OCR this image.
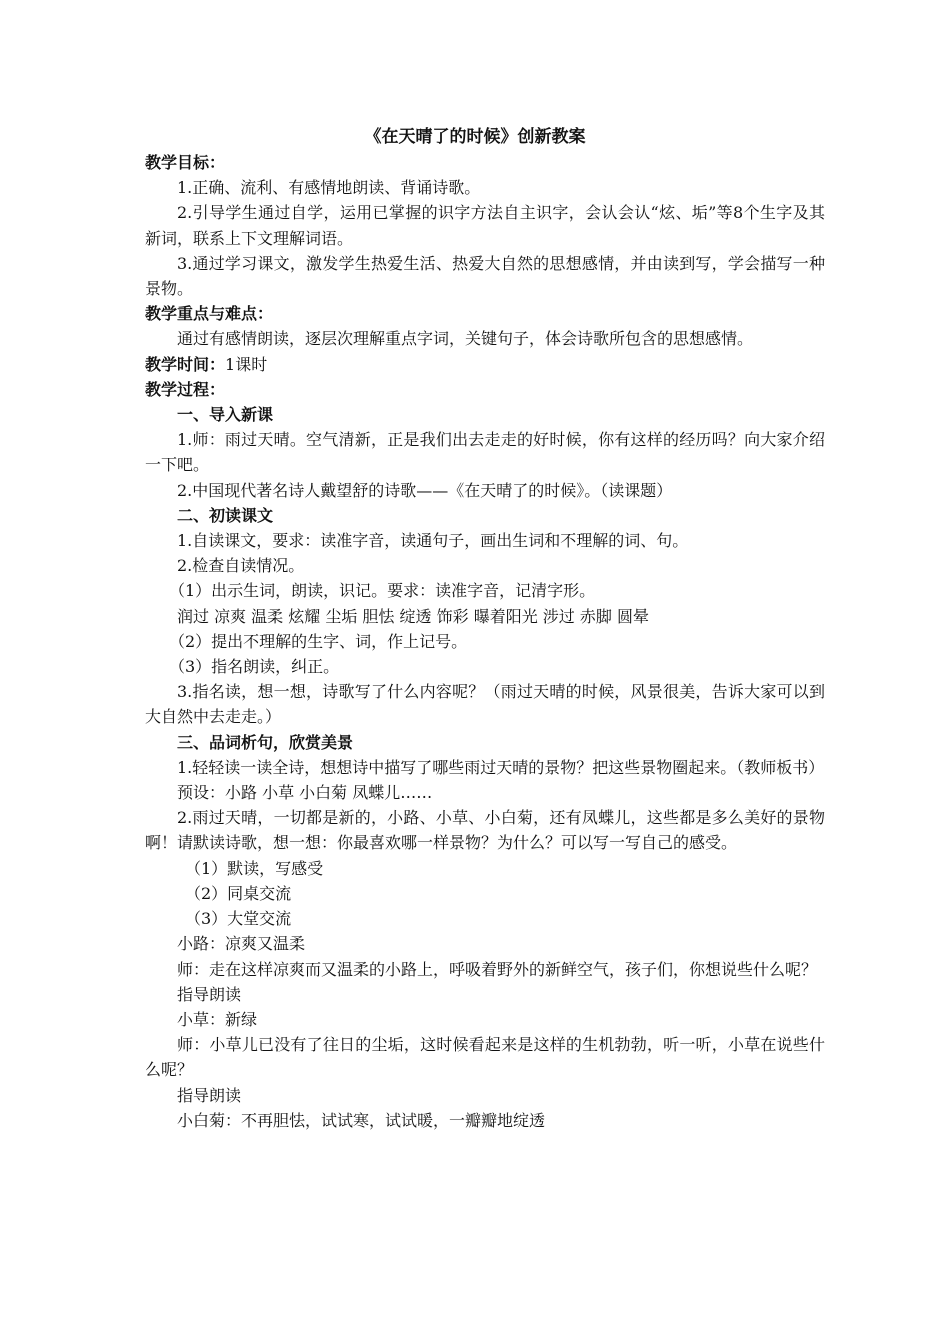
《在天晴了的时候》创新教案

教学目标：

1.正确、流利、有感情地朗读、背诵诗歌。

2.引导学生通过自学，运用已掌握的识字方法自主识字，会认会认“炫、垢”等8个生字及其新词，联系上下文理解词语。

3.通过学习课文，激发学生热爱生活、热爱大自然的思想感情，并由读到写，学会描写一种景物。

教学重点与难点：

通过有感情朗读，逐层次理解重点字词，关键句子，体会诗歌所包含的思想感情。

教学时间：1课时

教学过程：

一、导入新课

1.师：雨过天晴。空气清新，正是我们出去走走的好时候，你有这样的经历吗？向大家介绍一下吧。

2.中国现代著名诗人戴望舒的诗歌——《在天晴了的时候》。（读课题）

二、初读课文

1.自读课文，要求：读准字音，读通句子，画出生词和不理解的词、句。

2.检查自读情况。

（1）出示生词，朗读，识记。要求：读准字音，记清字形。

润过 凉爽 温柔 炫耀 尘垢 胆怯 绽透 饰彩 曝着阳光 涉过 赤脚 圆晕

（2）提出不理解的生字、词，作上记号。

（3）指名朗读，纠正。

3.指名读，想一想，诗歌写了什么内容呢？（雨过天晴的时候，风景很美，告诉大家可以到大自然中去走走。）

三、品词析句，欣赏美景

1.轻轻读一读全诗，想想诗中描写了哪些雨过天晴的景物？把这些景物圈起来。（教师板书）

预设：小路 小草 小白菊 凤蝶儿……

2.雨过天晴，一切都是新的，小路、小草、小白菊，还有凤蝶儿，这些都是多么美好的景物啊！请默读诗歌，想一想：你最喜欢哪一样景物？为什么？可以写一写自己的感受。

（1）默读，写感受

（2）同桌交流

（3）大堂交流

小路：凉爽又温柔

师：走在这样凉爽而又温柔的小路上，呼吸着野外的新鲜空气，孩子们，你想说些什么呢？

指导朗读

小草：新绿

师：小草儿已没有了往日的尘垢，这时候看起来是这样的生机勃勃，听一听，小草在说些什么呢？

指导朗读

小白菊：不再胆怯，试试寒，试试暖，一瓣瓣地绽透
